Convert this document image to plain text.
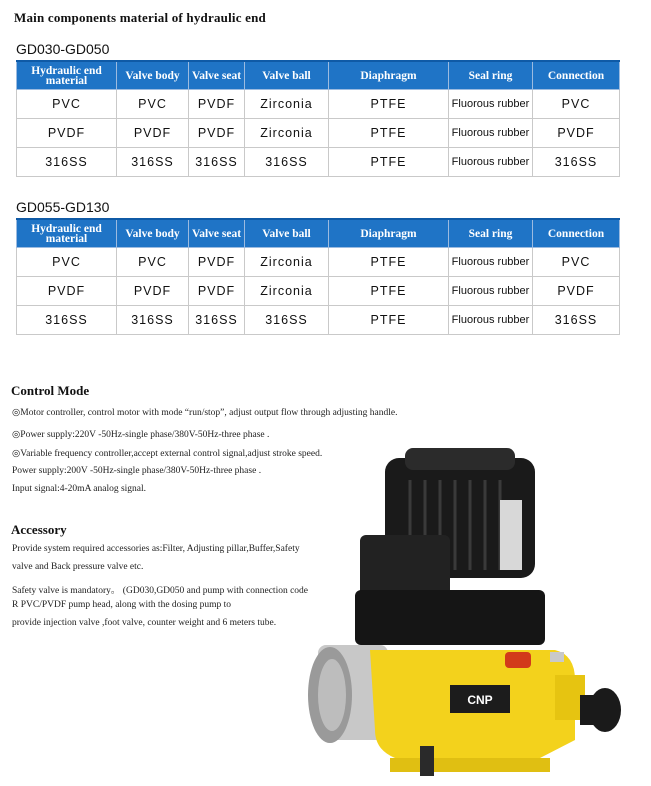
Main components material of hydraulic end
GD030-GD050
Hydraulic end material	Valve body	Valve seat	Valve ball	Diaphragm	Seal ring	Connection
PVC	PVC	PVDF	Zirconia	PTFE	Fluorous rubber	PVC
PVDF	PVDF	PVDF	Zirconia	PTFE	Fluorous rubber	PVDF
316SS	316SS	316SS	316SS	PTFE	Fluorous rubber	316SS
GD055-GD130
Hydraulic end material	Valve body	Valve seat	Valve ball	Diaphragm	Seal ring	Connection
PVC	PVC	PVDF	Zirconia	PTFE	Fluorous rubber	PVC
PVDF	PVDF	PVDF	Zirconia	PTFE	Fluorous rubber	PVDF
316SS	316SS	316SS	316SS	PTFE	Fluorous rubber	316SS
Control Mode
◎Motor controller, control motor with mode “run/stop”, adjust output flow through adjusting handle.
◎Power supply:220V -50Hz-single phase/380V-50Hz-three phase .
◎Variable frequency controller,accept external control signal,adjust stroke speed.
Power supply:200V -50Hz-single phase/380V-50Hz-three phase .
Input signal:4-20mA analog signal.
Accessory
Provide system required accessories as:Filter, Adjusting pillar,Buffer,Safety
valve and Back pressure valve etc.
Safety valve is mandatory。 (GD030,GD050 and pump with connection code
R PVC/PVDF pump head, along with the dosing pump to
provide injection valve ,foot valve, counter weight and 6 meters tube.
CNP
